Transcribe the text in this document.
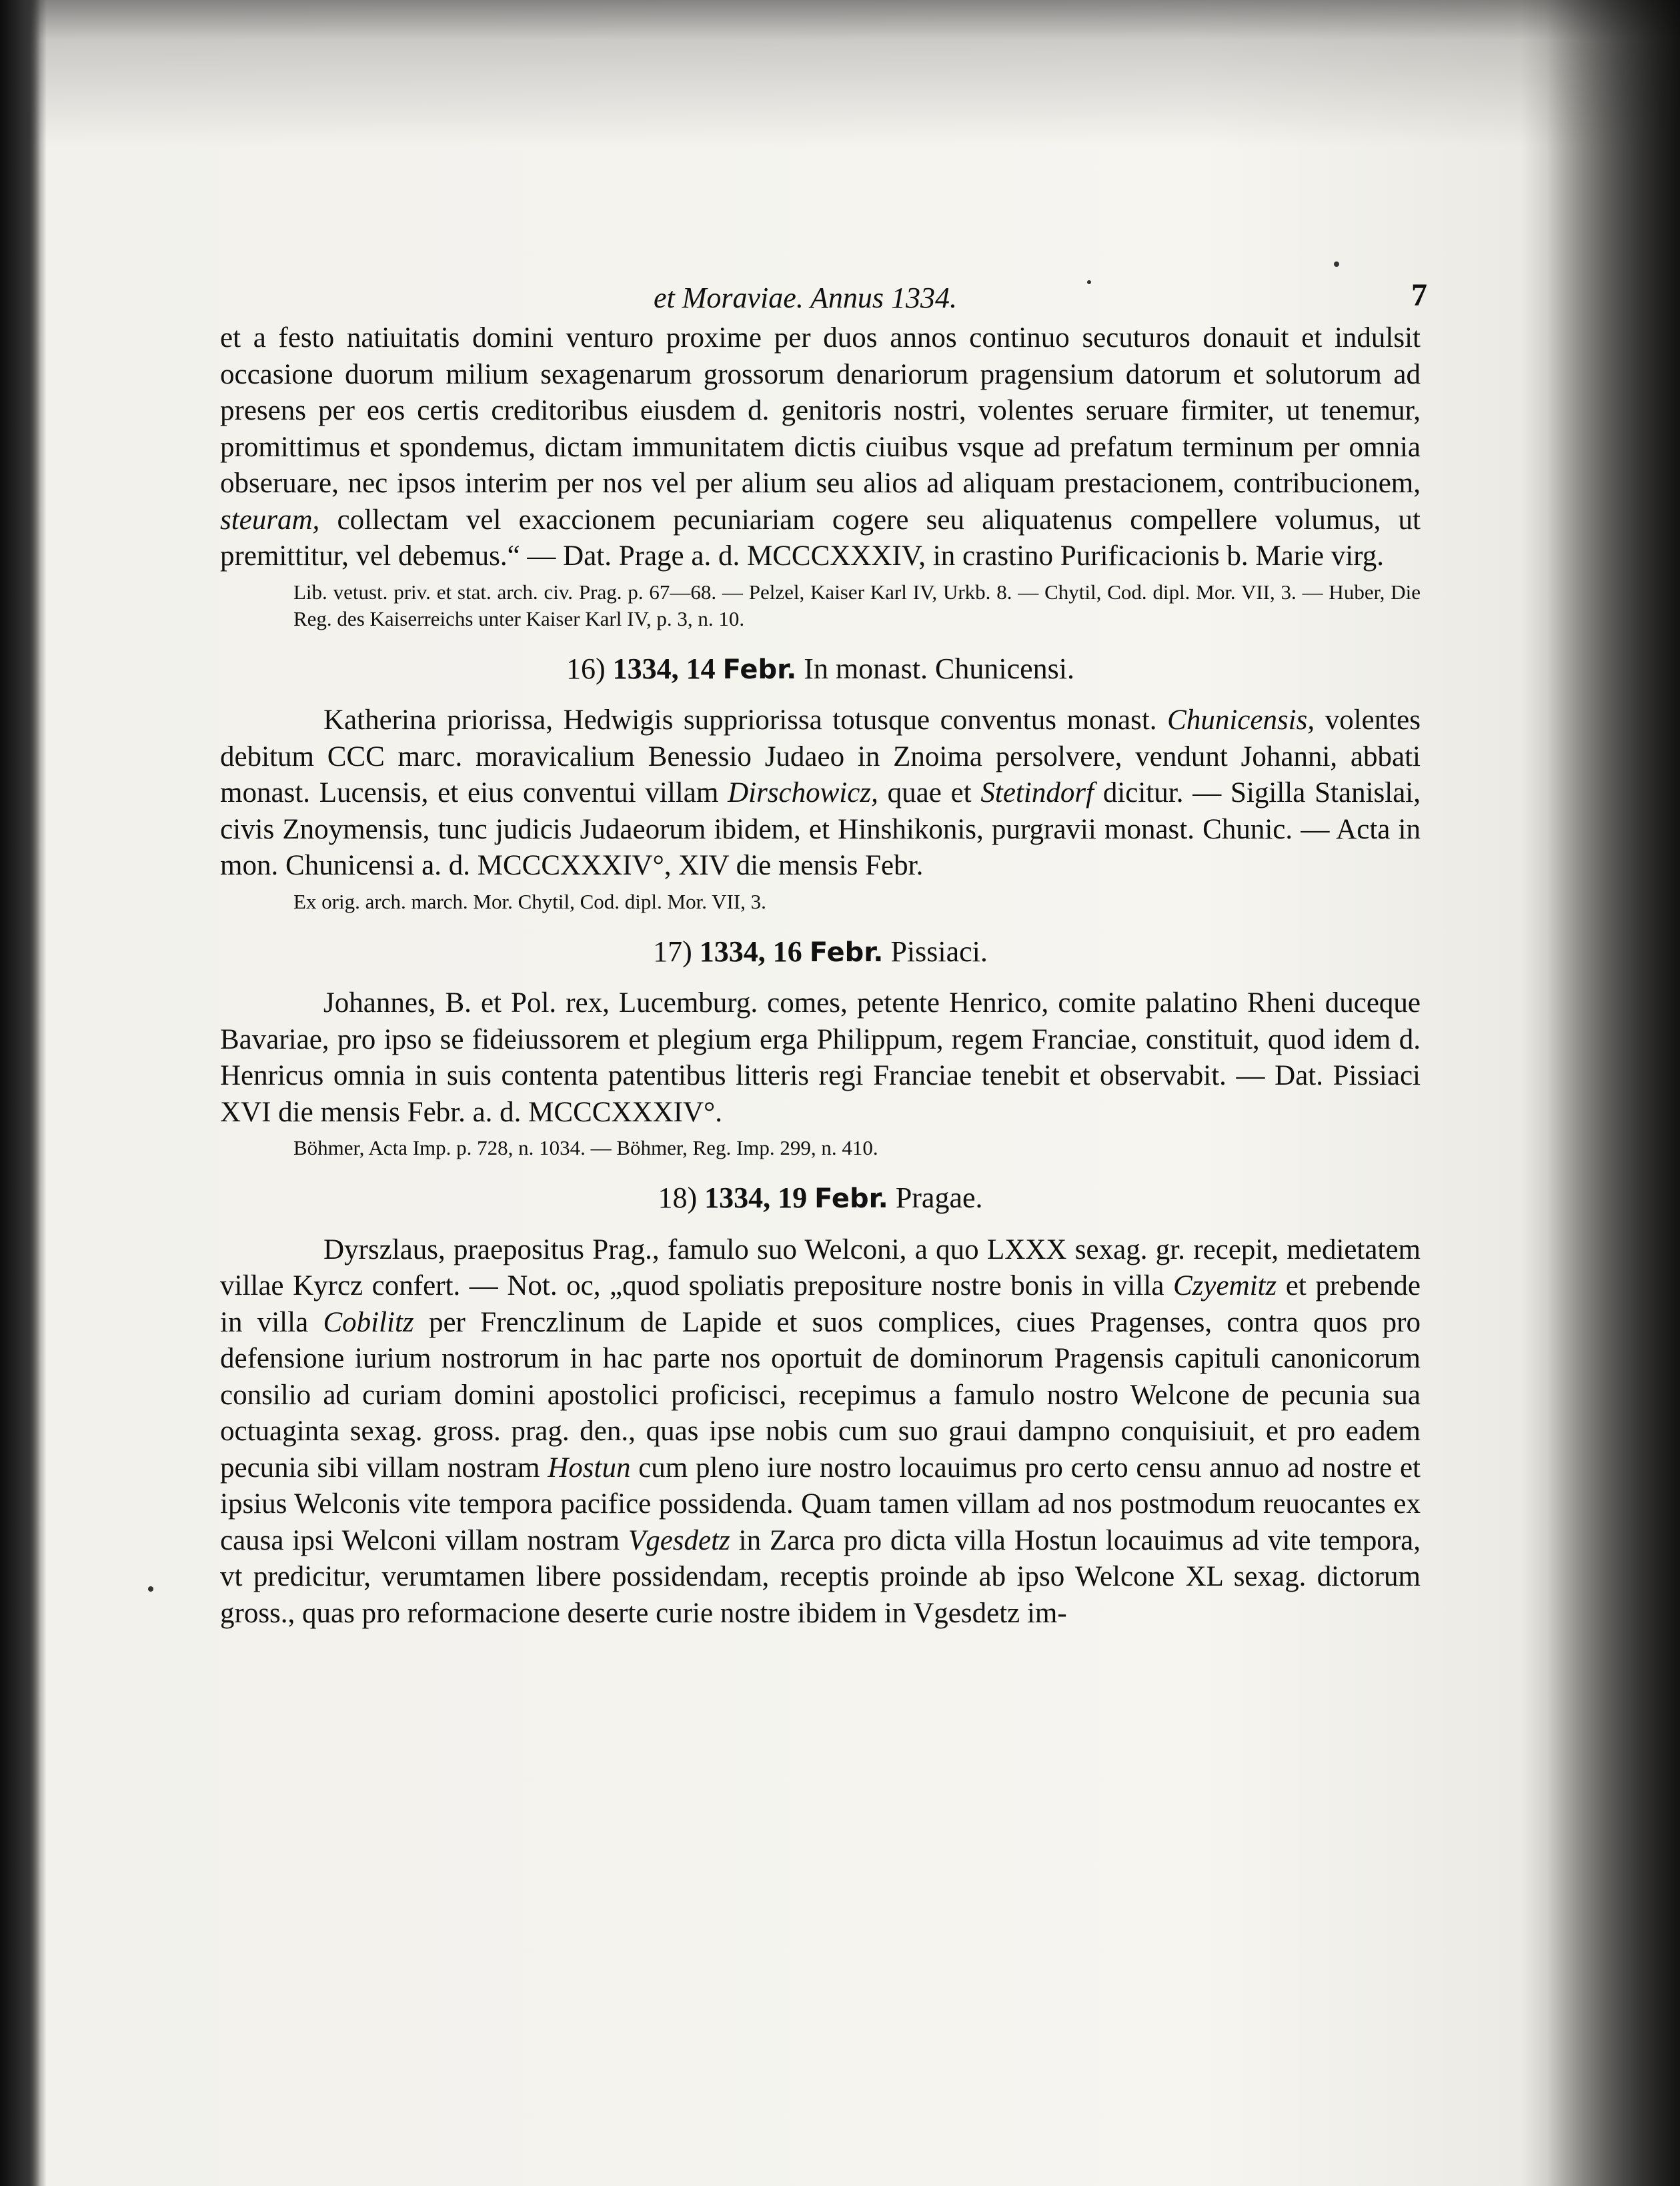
et Moraviae. Annus 1334.	7

et a festo natiuitatis domini venturo proxime per duos annos continuo secuturos donauit et indulsit occasione duorum milium sexagenarum grossorum denariorum pragensium datorum et solutorum ad presens per eos certis creditoribus eiusdem d. genitoris nostri, volentes seruare firmiter, ut tenemur, promittimus et spondemus, dictam immunitatem dictis ciuibus vsque ad prefatum terminum per omnia obseruare, nec ipsos interim per nos vel per alium seu alios ad aliquam prestacionem, contribucionem, steuram, collectam vel exaccionem pecuniariam cogere seu aliquatenus compellere volumus, ut premittitur, vel debemus.“ — Dat. Prage a. d. MCCCXXXIV, in crastino Purificacionis b. Marie virg.

Lib. vetust. priv. et stat. arch. civ. Prag. p. 67—68. — Pelzel, Kaiser Karl IV, Urkb. 8. — Chytil, Cod. dipl. Mor. VII, 3. — Huber, Die Reg. des Kaiserreichs unter Kaiser Karl IV, p. 3, n. 10.

16) 1334, 14 Febr. In monast. Chunicensi.

Katherina priorissa, Hedwigis suppriorissa totusque conventus monast. Chunicensis, volentes debitum CCC marc. moravicalium Benessio Judaeo in Znoima persolvere, vendunt Johanni, abbati monast. Lucensis, et eius conventui villam Dirschowicz, quae et Stetindorf dicitur. — Sigilla Stanislai, civis Znoymensis, tunc judicis Judaeorum ibidem, et Hinshikonis, purgravii monast. Chunic. — Acta in mon. Chunicensi a. d. MCCCXXXIV°, XIV die mensis Febr.

Ex orig. arch. march. Mor. Chytil, Cod. dipl. Mor. VII, 3.

17) 1334, 16 Febr. Pissiaci.

Johannes, B. et Pol. rex, Lucemburg. comes, petente Henrico, comite palatino Rheni duceque Bavariae, pro ipso se fideiussorem et plegium erga Philippum, regem Franciae, constituit, quod idem d. Henricus omnia in suis contenta patentibus litteris regi Franciae tenebit et observabit. — Dat. Pissiaci XVI die mensis Febr. a. d. MCCCXXXIV°.

Böhmer, Acta Imp. p. 728, n. 1034. — Böhmer, Reg. Imp. 299, n. 410.

18) 1334, 19 Febr. Pragae.

Dyrszlaus, praepositus Prag., famulo suo Welconi, a quo LXXX sexag. gr. recepit, medietatem villae Kyrcz confert. — Not. oc, „quod spoliatis prepositure nostre bonis in villa Czyemitz et prebende in villa Cobilitz per Frenczlinum de Lapide et suos complices, ciues Pragenses, contra quos pro defensione iurium nostrorum in hac parte nos oportuit de dominorum Pragensis capituli canonicorum consilio ad curiam domini apostolici proficisci, recepimus a famulo nostro Welcone de pecunia sua octuaginta sexag. gross. prag. den., quas ipse nobis cum suo graui dampno conquisiuit, et pro eadem pecunia sibi villam nostram Hostun cum pleno iure nostro locauimus pro certo censu annuo ad nostre et ipsius Welconis vite tempora pacifice possidenda. Quam tamen villam ad nos postmodum reuocantes ex causa ipsi Welconi villam nostram Vgesdetz in Zarca pro dicta villa Hostun locauimus ad vite tempora, vt predicitur, verumtamen libere possidendam, receptis proinde ab ipso Welcone XL sexag. dictorum gross., quas pro reformacione deserte curie nostre ibidem in Vgesdetz im-
